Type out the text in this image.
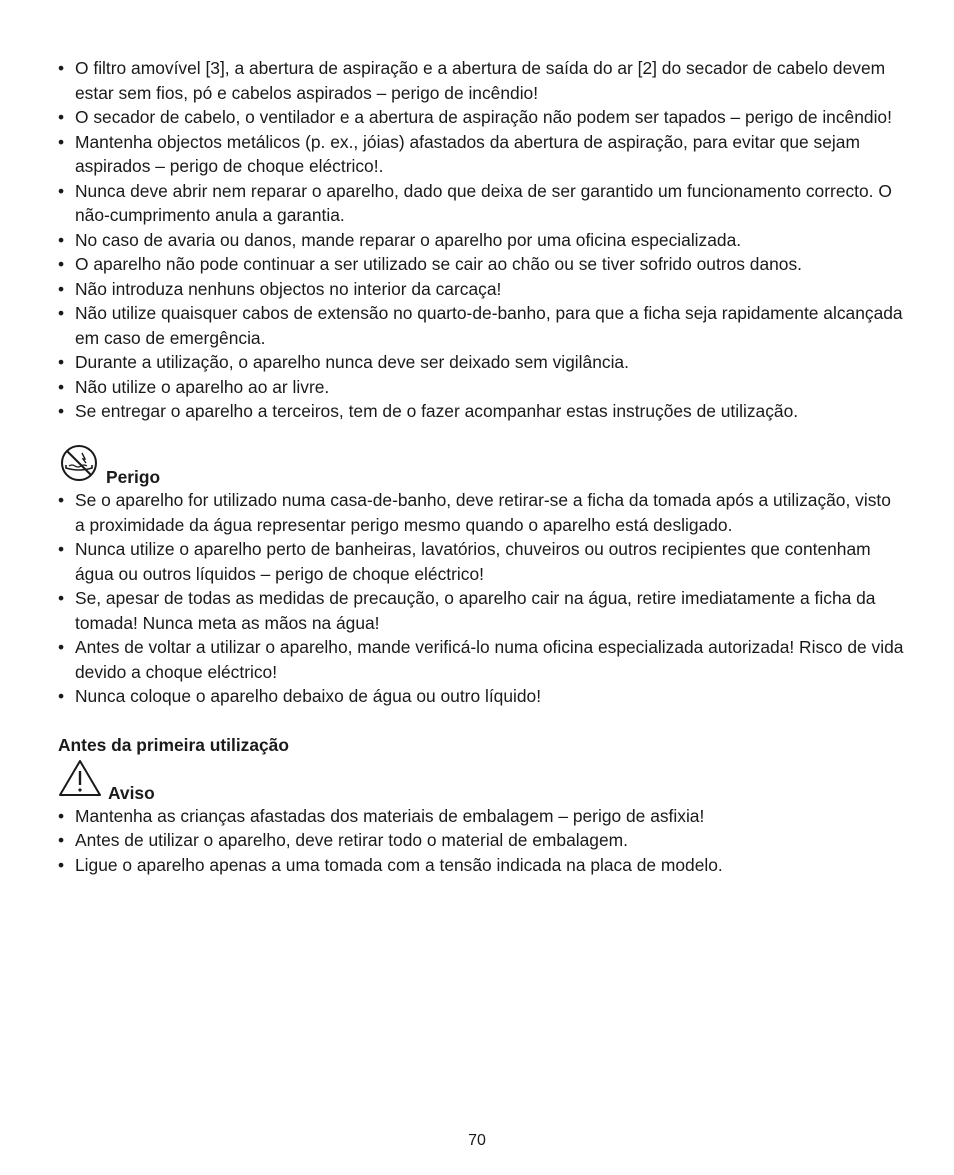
• O filtro amovível [3], a abertura de aspiração e a abertura de saída do ar [2] do secador de cabelo devem estar sem fios, pó e cabelos aspirados – perigo de incêndio!
• O secador de cabelo, o ventilador e a abertura de aspiração não podem ser tapados – perigo de incêndio!
• Mantenha objectos metálicos (p. ex., jóias) afastados da abertura de aspiração, para evitar que sejam aspirados – perigo de choque eléctrico!.
• Nunca deve abrir nem reparar o aparelho, dado que deixa de ser garantido um funcionamento correcto. O não-cumprimento anula a garantia.
• No caso de avaria ou danos, mande reparar o aparelho por uma oficina especializada.
• O aparelho não pode continuar a ser utilizado se cair ao chão ou se tiver sofrido outros danos.
• Não introduza nenhuns objectos no interior da carcaça!
• Não utilize quaisquer cabos de extensão no quarto-de-banho, para que a ficha seja rapidamente alcançada em caso de emergência.
• Durante a utilização, o aparelho nunca deve ser deixado sem vigilância.
• Não utilize o aparelho ao ar livre.
• Se entregar o aparelho a terceiros, tem de o fazer acompanhar estas instruções de utilização.
Perigo
• Se o aparelho for utilizado numa casa-de-banho, deve retirar-se a ficha da tomada após a utilização, visto a proximidade da água representar perigo mesmo quando o aparelho está desligado.
• Nunca utilize o aparelho perto de banheiras, lavatórios, chuveiros ou outros recipientes que contenham água ou outros líquidos – perigo de choque eléctrico!
• Se, apesar de todas as medidas de precaução, o aparelho cair na água, retire imediatamente a ficha da tomada! Nunca meta as mãos na água!
• Antes de voltar a utilizar o aparelho, mande verificá-lo numa oficina especializada autorizada! Risco de vida devido a choque eléctrico!
• Nunca coloque o aparelho debaixo de água ou outro líquido!
Antes da primeira utilização
Aviso
• Mantenha as crianças afastadas dos materiais de embalagem – perigo de asfixia!
• Antes de utilizar o aparelho, deve retirar todo o material de embalagem.
• Ligue o aparelho apenas a uma tomada com a tensão indicada na placa de modelo.
70
